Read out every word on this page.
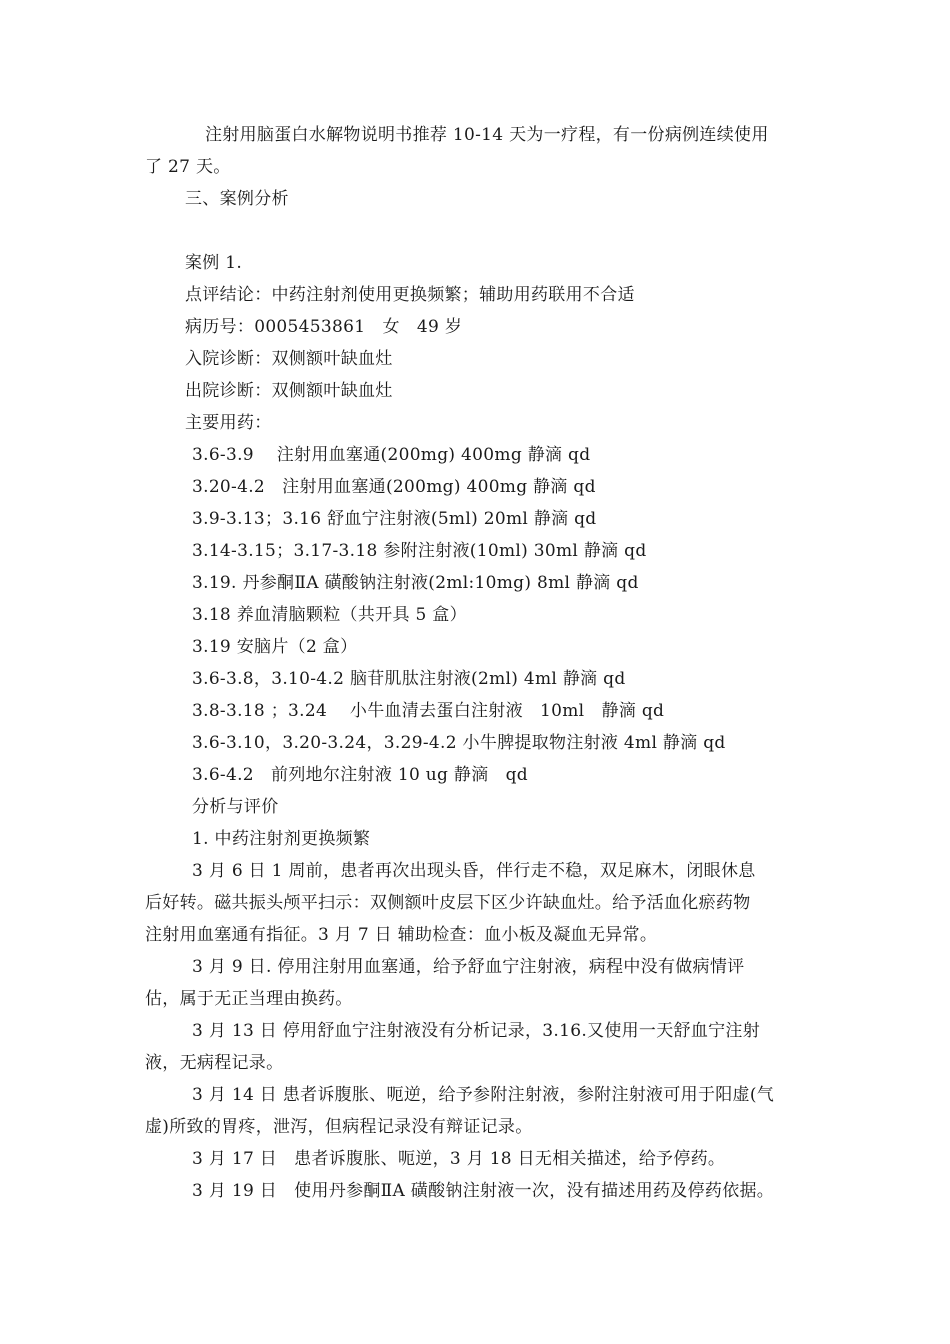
注射用脑蛋白水解物说明书推荐 10-14 天为一疗程，有一份病例连续使用
了 27 天。
三、案例分析
案例 1.
点评结论：中药注射剂使用更换频繁；辅助用药联用不合适
病历号：0005453861   女   49 岁
入院诊断：双侧额叶缺血灶
出院诊断：双侧额叶缺血灶
主要用药：
3.6-3.9    注射用血塞通(200mg) 400mg 静滴 qd
3.20-4.2   注射用血塞通(200mg) 400mg 静滴 qd
3.9-3.13；3.16 舒血宁注射液(5ml) 20ml 静滴 qd
3.14-3.15；3.17-3.18 参附注射液(10ml) 30ml 静滴 qd
3.19. 丹参酮ⅡA 磺酸钠注射液(2ml:10mg) 8ml 静滴 qd
3.18 养血清脑颗粒（共开具 5 盒）
3.19 安脑片（2 盒）
3.6-3.8，3.10-4.2 脑苷肌肽注射液(2ml) 4ml 静滴 qd
3.8-3.18 ；3.24    小牛血清去蛋白注射液   10ml   静滴 qd
3.6-3.10，3.20-3.24，3.29-4.2 小牛脾提取物注射液 4ml 静滴 qd
3.6-4.2   前列地尔注射液 10 ug 静滴   qd
分析与评价
1. 中药注射剂更换频繁
3 月 6 日 1 周前，患者再次出现头昏，伴行走不稳，双足麻木，闭眼休息
后好转。磁共振头颅平扫示：双侧额叶皮层下区少许缺血灶。给予活血化瘀药物
注射用血塞通有指征。3 月 7 日 辅助检查：血小板及凝血无异常。
3 月 9 日. 停用注射用血塞通，给予舒血宁注射液，病程中没有做病情评
估，属于无正当理由换药。
3 月 13 日 停用舒血宁注射液没有分析记录，3.16.又使用一天舒血宁注射
液，无病程记录。
3 月 14 日 患者诉腹胀、呃逆，给予参附注射液，参附注射液可用于阳虚(气
虚)所致的胃疼，泄泻，但病程记录没有辩证记录。
3 月 17 日   患者诉腹胀、呃逆，3 月 18 日无相关描述，给予停药。
3 月 19 日   使用丹参酮ⅡA 磺酸钠注射液一次，没有描述用药及停药依据。
